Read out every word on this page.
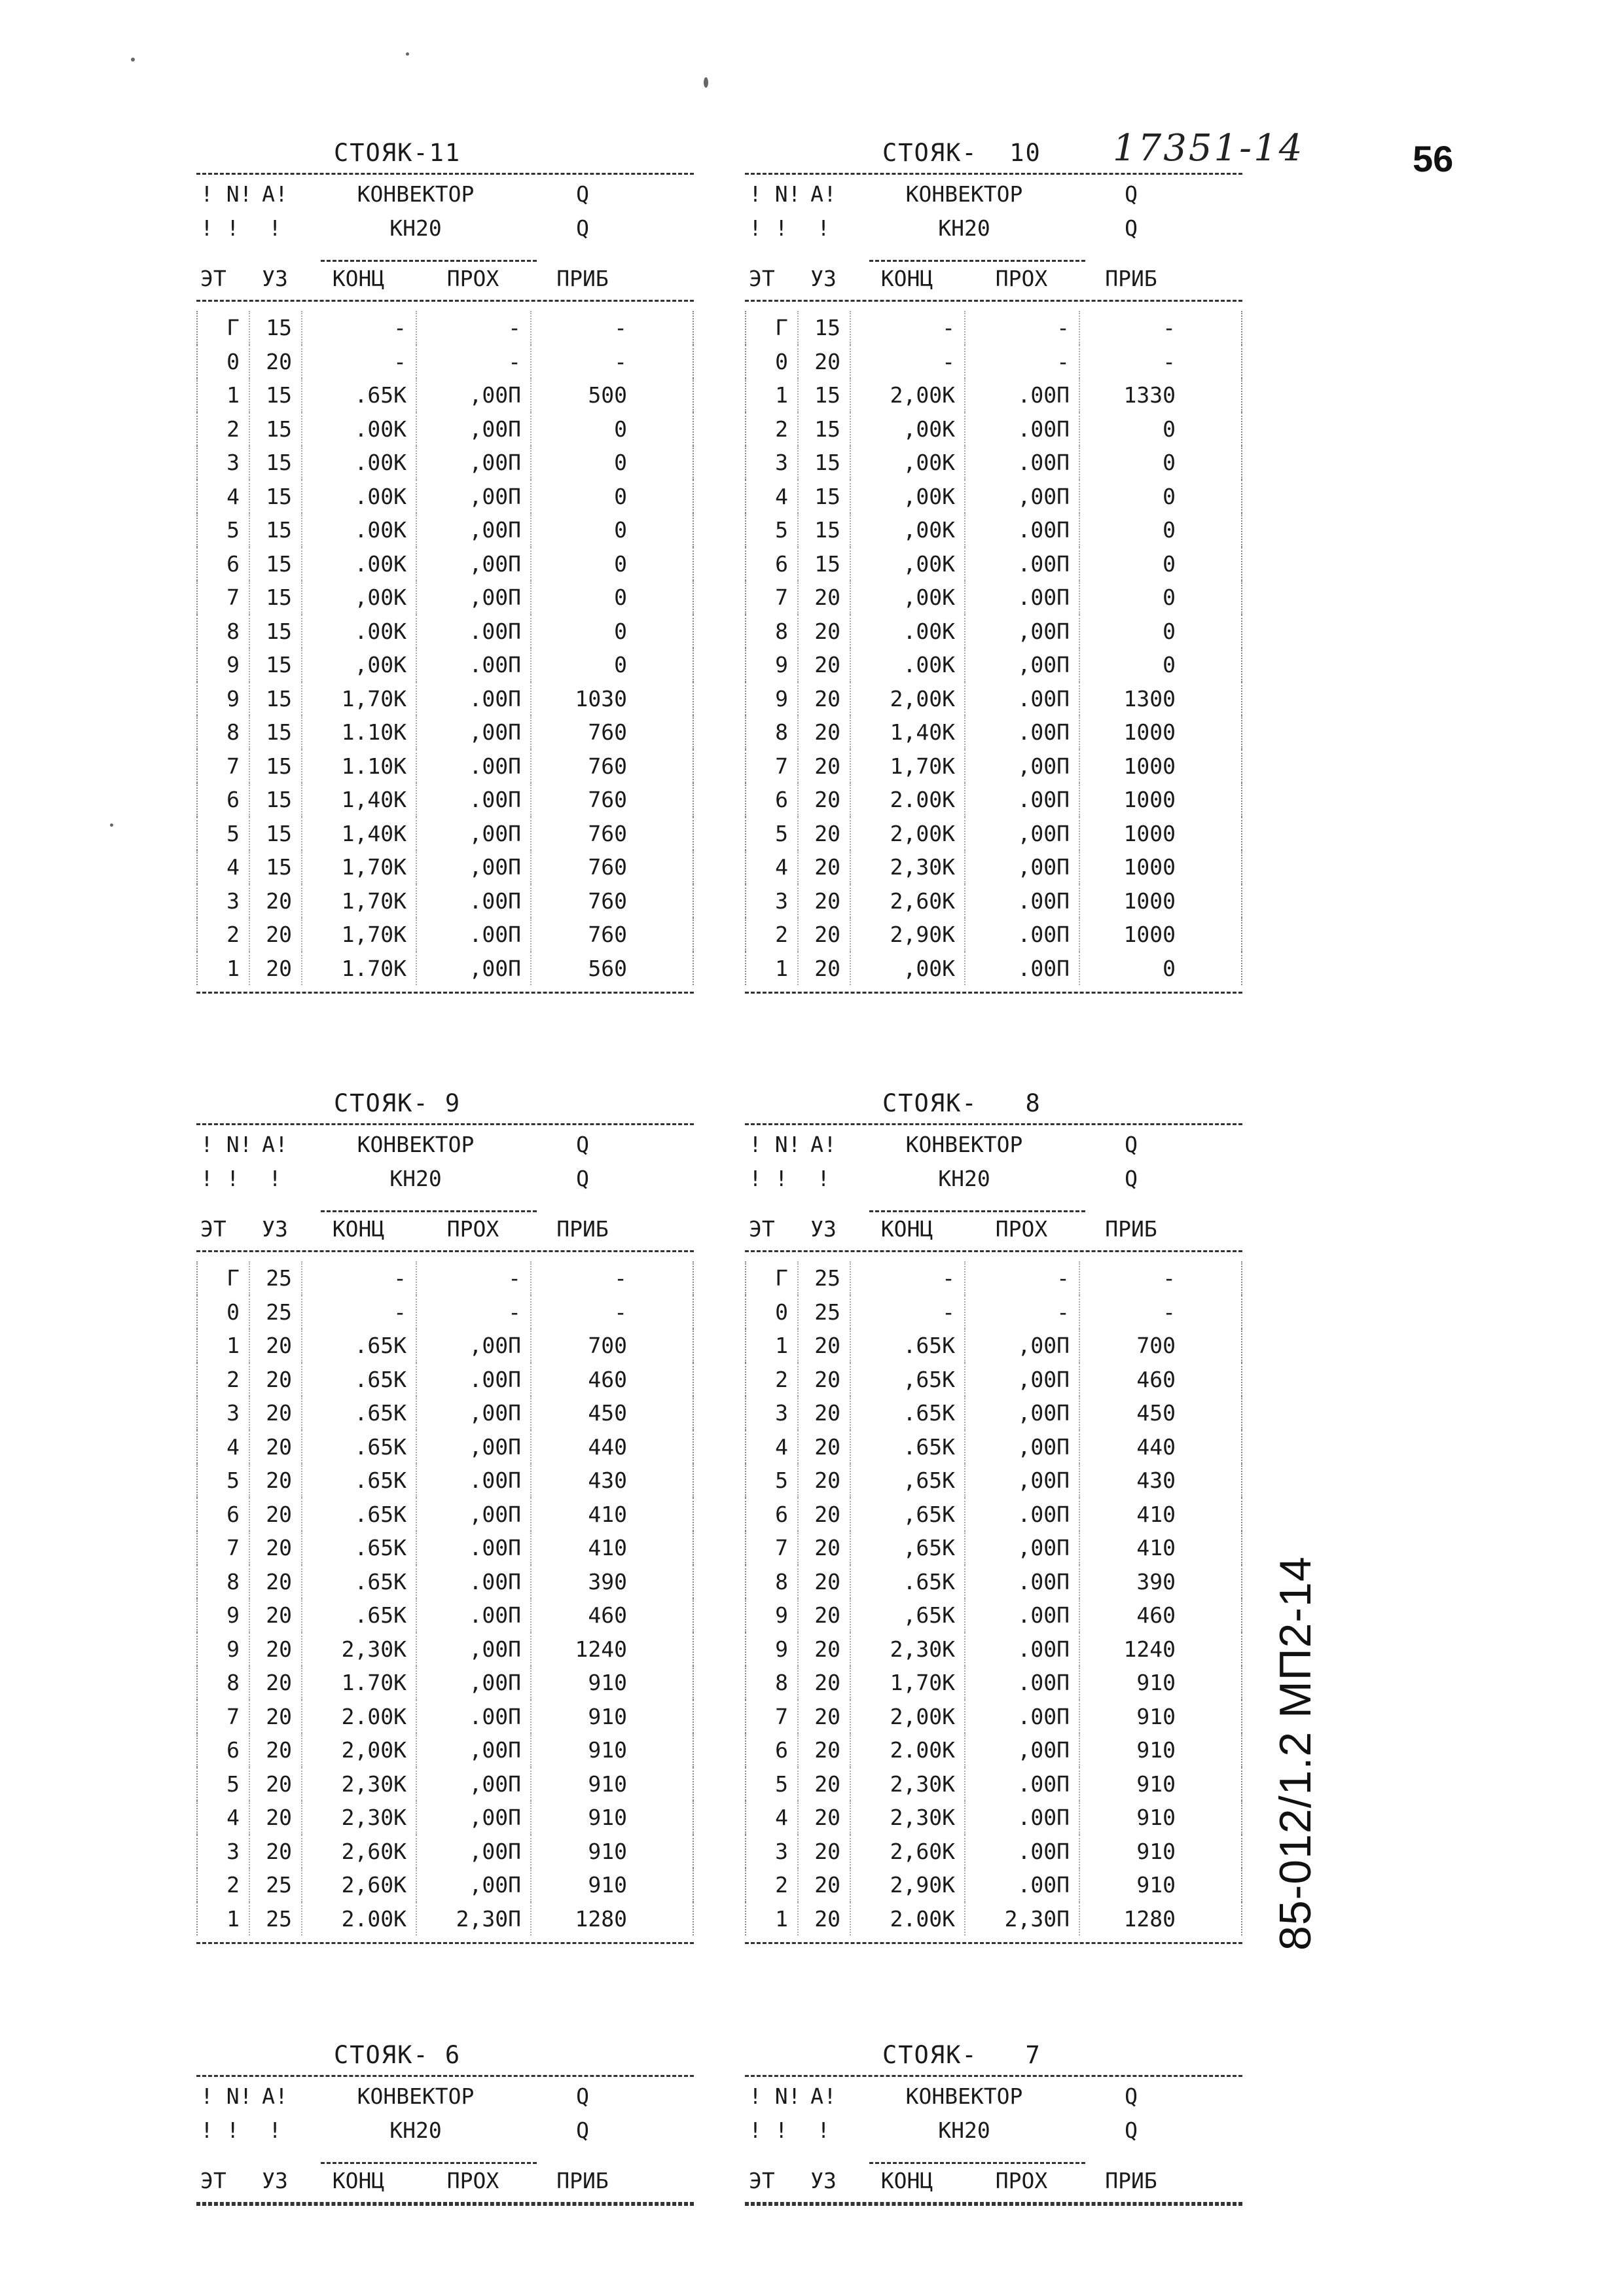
56
17351-14
85-012/1.2 МП2-14
СТОЯК-11
! N! А!	КОНВЕКТОР	Q
! !	!	КН20	Q
ЭТ	УЗ	КОНЦ	ПРОХ	ПРИБ
Г	15	-	-	-
0	20	-	-	-
1	15	.65К	,00П	500
2	15	.00К	,00П	0
3	15	.00К	,00П	0
4	15	.00К	,00П	0
5	15	.00К	,00П	0
6	15	.00К	,00П	0
7	15	,00К	,00П	0
8	15	.00К	.00П	0
9	15	,00К	.00П	0
9	15	1,70К	.00П	1030
8	15	1.10К	,00П	760
7	15	1.10К	.00П	760
6	15	1,40К	.00П	760
5	15	1,40К	,00П	760
4	15	1,70К	,00П	760
3	20	1,70К	.00П	760
2	20	1,70К	.00П	760
1	20	1.70К	,00П	560
СТОЯК-  10
! N! А!	КОНВЕКТОР	Q
! !	!	КН20	Q
ЭТ	УЗ	КОНЦ	ПРОХ	ПРИБ
Г	15	-	-	-
0	20	-	-	-
1	15	2,00К	.00П	1330
2	15	,00К	.00П	0
3	15	,00К	.00П	0
4	15	,00К	,00П	0
5	15	,00К	.00П	0
6	15	,00К	.00П	0
7	20	,00К	.00П	0
8	20	.00К	,00П	0
9	20	.00К	,00П	0
9	20	2,00К	.00П	1300
8	20	1,40К	.00П	1000
7	20	1,70К	,00П	1000
6	20	2.00К	.00П	1000
5	20	2,00К	,00П	1000
4	20	2,30К	,00П	1000
3	20	2,60К	.00П	1000
2	20	2,90К	.00П	1000
1	20	,00К	.00П	0
СТОЯК- 9
! N! А!	КОНВЕКТОР	Q
! !	!	КН20	Q
ЭТ	УЗ	КОНЦ	ПРОХ	ПРИБ
Г	25	-	-	-
0	25	-	-	-
1	20	.65К	,00П	700
2	20	.65К	.00П	460
3	20	.65К	,00П	450
4	20	.65К	,00П	440
5	20	.65К	.00П	430
6	20	.65К	,00П	410
7	20	.65К	.00П	410
8	20	.65К	.00П	390
9	20	.65К	.00П	460
9	20	2,30К	,00П	1240
8	20	1.70К	,00П	910
7	20	2.00К	.00П	910
6	20	2,00К	,00П	910
5	20	2,30К	,00П	910
4	20	2,30К	,00П	910
3	20	2,60К	,00П	910
2	25	2,60К	,00П	910
1	25	2.00К	2,30П	1280
СТОЯК-   8
! N! А!	КОНВЕКТОР	Q
! !	!	КН20	Q
ЭТ	УЗ	КОНЦ	ПРОХ	ПРИБ
Г	25	-	-	-
0	25	-	-	-
1	20	.65К	,00П	700
2	20	,65К	,00П	460
3	20	.65К	,00П	450
4	20	.65К	,00П	440
5	20	,65К	,00П	430
6	20	,65К	.00П	410
7	20	,65К	,00П	410
8	20	.65К	.00П	390
9	20	,65К	.00П	460
9	20	2,30К	.00П	1240
8	20	1,70К	.00П	910
7	20	2,00К	.00П	910
6	20	2.00К	,00П	910
5	20	2,30К	.00П	910
4	20	2,30К	.00П	910
3	20	2,60К	.00П	910
2	20	2,90К	.00П	910
1	20	2.00К	2,30П	1280
СТОЯК- 6
! N! А!	КОНВЕКТОР	Q
! !	!	КН20	Q
ЭТ	УЗ	КОНЦ	ПРОХ	ПРИБ
СТОЯК-   7
! N! А!	КОНВЕКТОР	Q
! !	!	КН20	Q
ЭТ	УЗ	КОНЦ	ПРОХ	ПРИБ
